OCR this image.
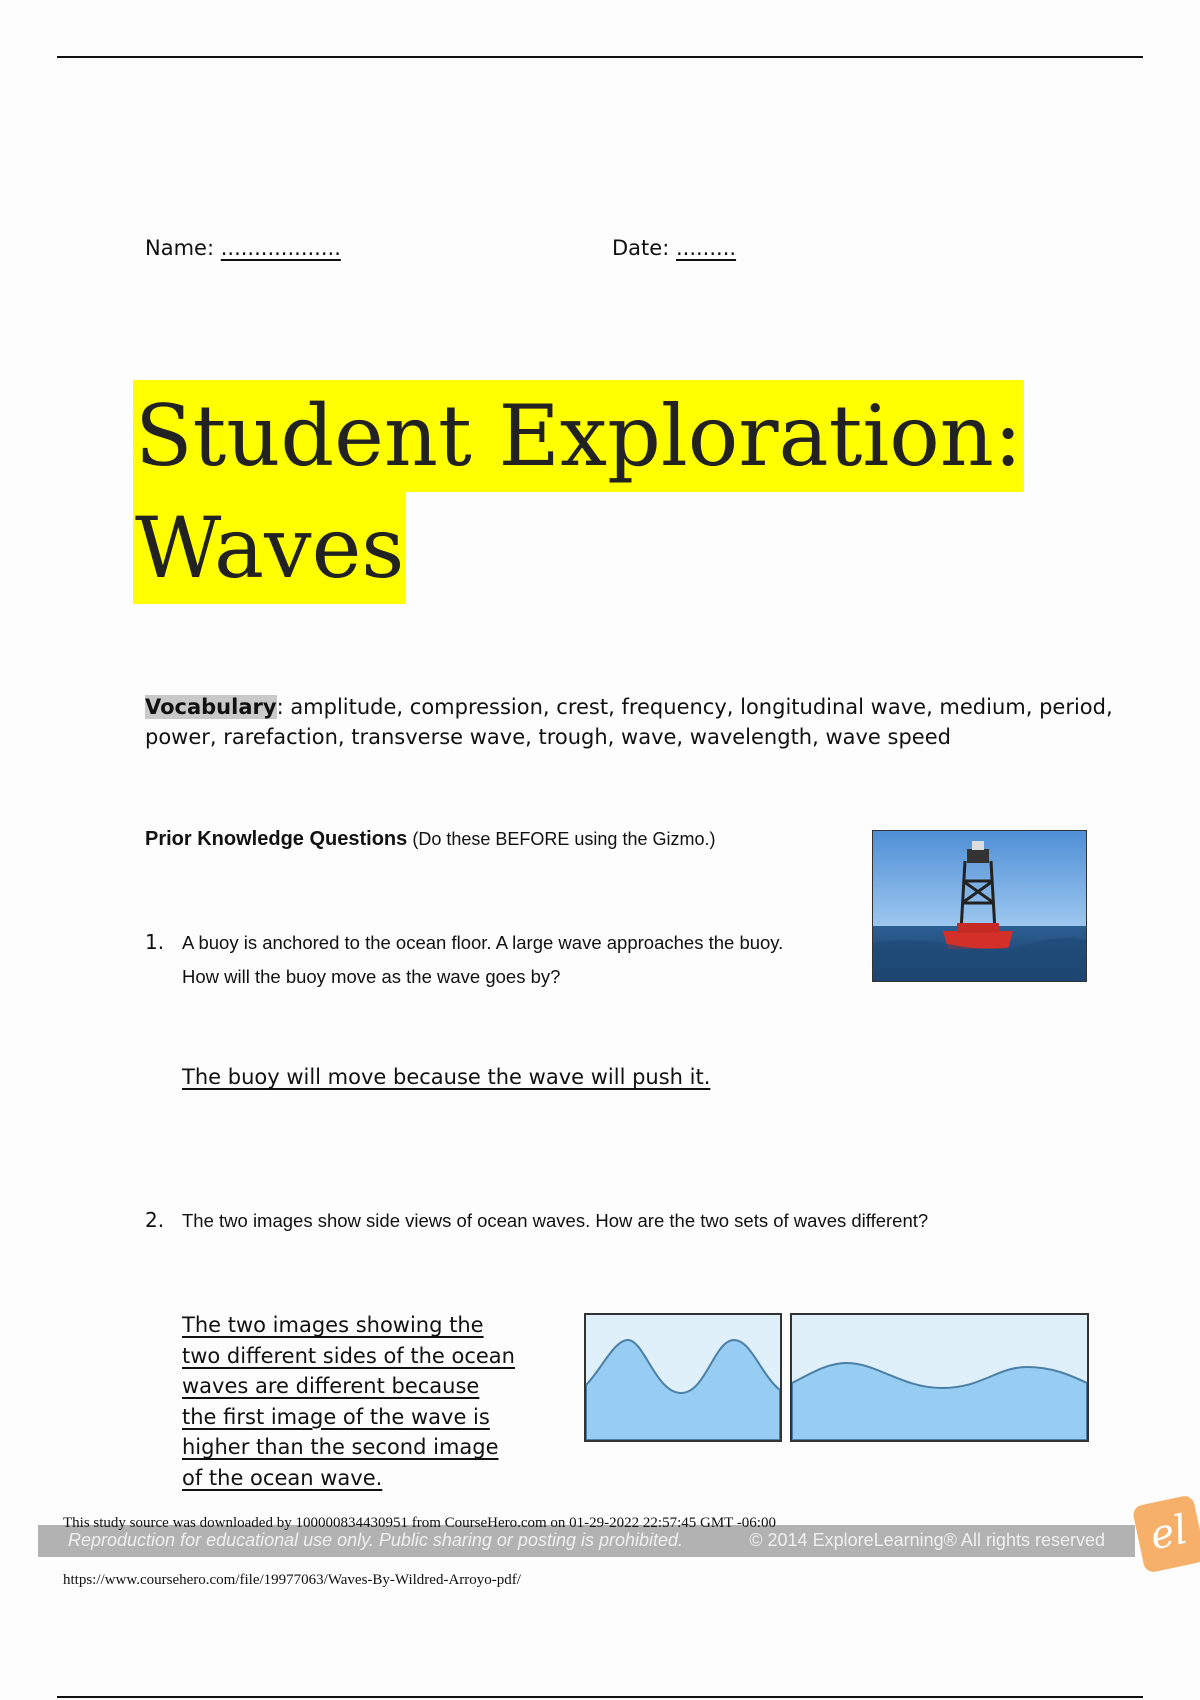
Name: ..................	Date: .........
Student Exploration:
Waves
Vocabulary: amplitude, compression, crest, frequency, longitudinal wave, medium, period, power, rarefaction, transverse wave, trough, wave, wavelength, wave speed
Prior Knowledge Questions (Do these BEFORE using the Gizmo.)
1. A buoy is anchored to the ocean floor. A large wave approaches the buoy. How will the buoy move as the wave goes by?
The buoy will move because the wave will push it.
2. The two images show side views of ocean waves. How are the two sets of waves different?
The two images showing the
two different sides of the ocean
waves are different because
the first image of the wave is
higher than the second image
of the ocean wave.
Reproduction for educational use only. Public sharing or posting is prohibited.	© 2014 ExploreLearning® All rights reserved
This study source was downloaded by 100000834430951 from CourseHero.com on 01-29-2022 22:57:45 GMT -06:00	el
https://www.coursehero.com/file/19977063/Waves-By-Wildred-Arroyo-pdf/
